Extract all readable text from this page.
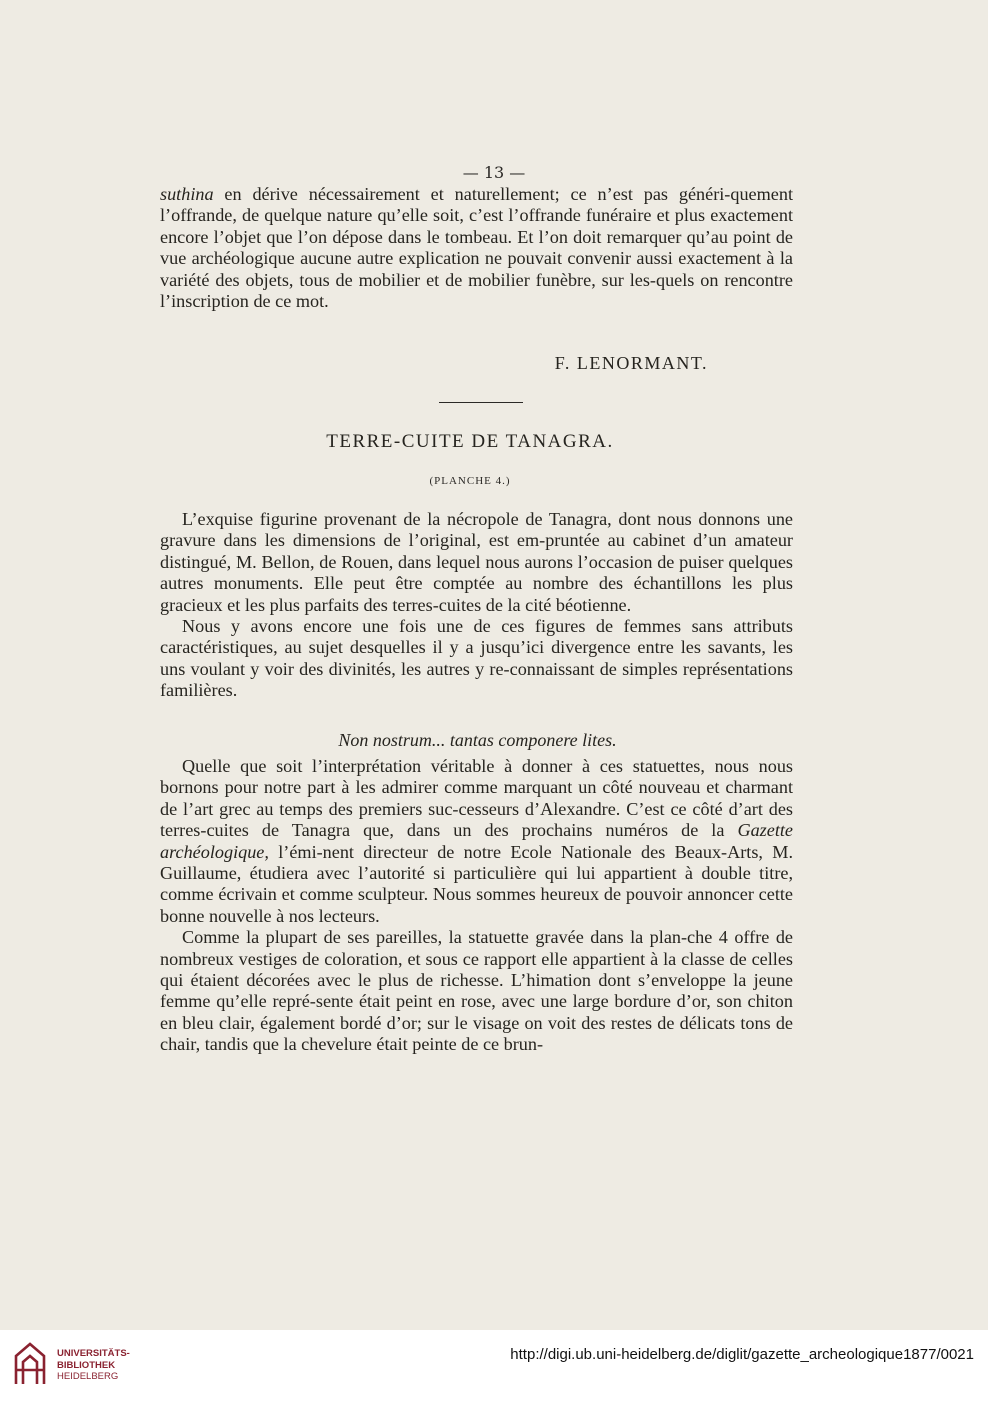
— 13 —

suthina en dérive nécessairement et naturellement; ce n’est pas généri-quement l’offrande, de quelque nature qu’elle soit, c’est l’offrande funéraire et plus exactement encore l’objet que l’on dépose dans le tombeau. Et l’on doit remarquer qu’au point de vue archéologique aucune autre explication ne pouvait convenir aussi exactement à la variété des objets, tous de mobilier et de mobilier funèbre, sur les-quels on rencontre l’inscription de ce mot.

F. LENORMANT.
TERRE-CUITE DE TANAGRA.
(PLANCHE 4.)

L’exquise figurine provenant de la nécropole de Tanagra, dont nous donnons une gravure dans les dimensions de l’original, est em-pruntée au cabinet d’un amateur distingué, M. Bellon, de Rouen, dans lequel nous aurons l’occasion de puiser quelques autres monuments. Elle peut être comptée au nombre des échantillons les plus gracieux et les plus parfaits des terres-cuites de la cité béotienne.

Nous y avons encore une fois une de ces figures de femmes sans attributs caractéristiques, au sujet desquelles il y a jusqu’ici divergence entre les savants, les uns voulant y voir des divinités, les autres y re-connaissant de simples représentations familières.

Non nostrum... tantas componere lites.

Quelle que soit l’interprétation véritable à donner à ces statuettes, nous nous bornons pour notre part à les admirer comme marquant un côté nouveau et charmant de l’art grec au temps des premiers suc-cesseurs d’Alexandre. C’est ce côté d’art des terres-cuites de Tanagra que, dans un des prochains numéros de la Gazette archéologique, l’émi-nent directeur de notre Ecole Nationale des Beaux-Arts, M. Guillaume, étudiera avec l’autorité si particulière qui lui appartient à double titre, comme écrivain et comme sculpteur. Nous sommes heureux de pouvoir annoncer cette bonne nouvelle à nos lecteurs.

Comme la plupart de ses pareilles, la statuette gravée dans la plan-che 4 offre de nombreux vestiges de coloration, et sous ce rapport elle appartient à la classe de celles qui étaient décorées avec le plus de richesse. L’himation dont s’enveloppe la jeune femme qu’elle repré-sente était peint en rose, avec une large bordure d’or, son chiton en bleu clair, également bordé d’or; sur le visage on voit des restes de délicats tons de chair, tandis que la chevelure était peinte de ce brun-

UNIVERSITÄTS-
BIBLIOTHEK
HEIDELBERG
http://digi.ub.uni-heidelberg.de/diglit/gazette_archeologique1877/0021
